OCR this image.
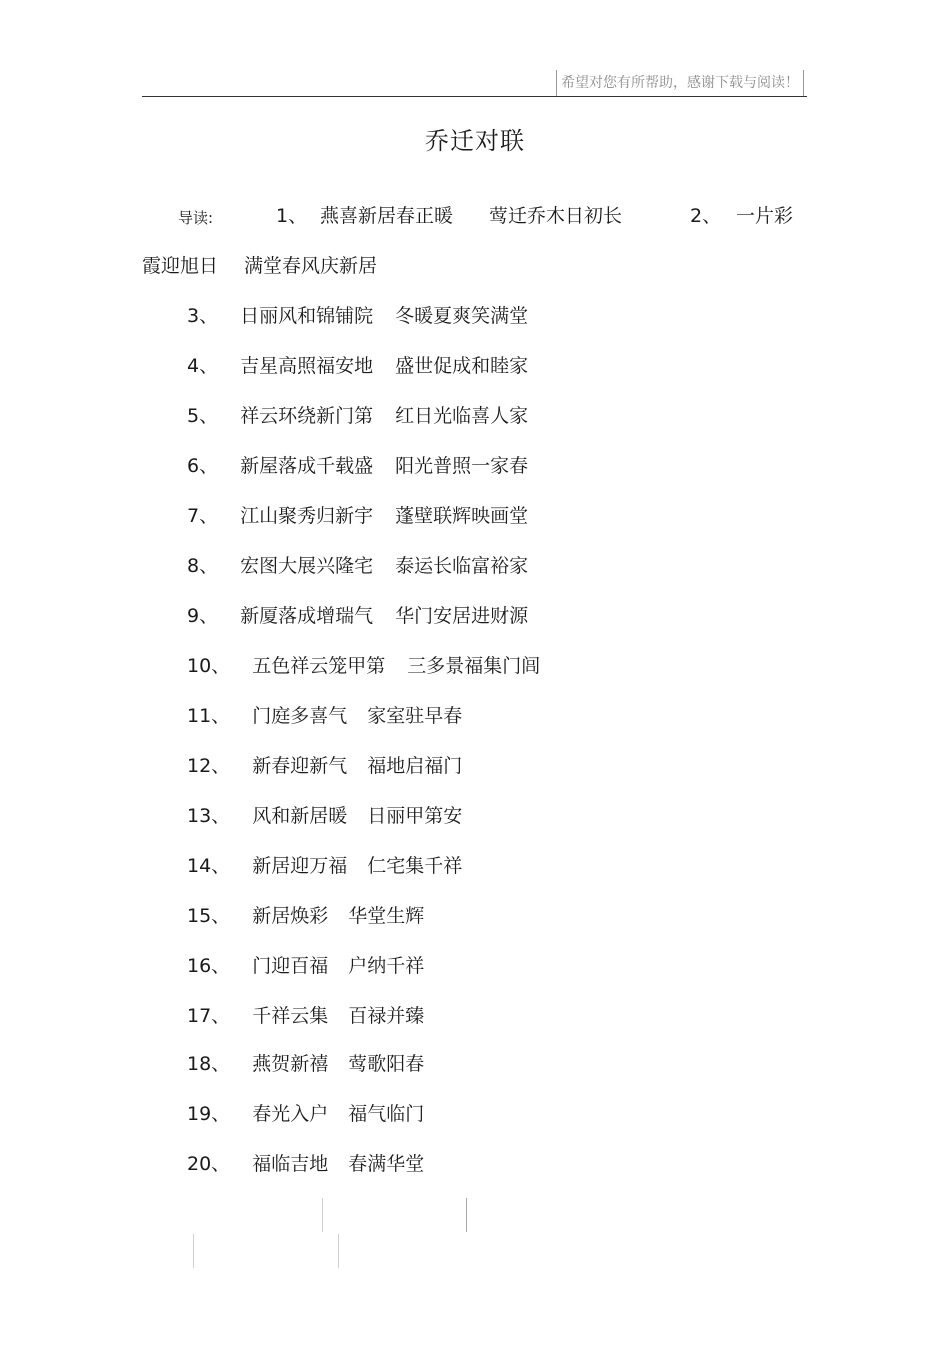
希望对您有所帮助，感谢下载与阅读！
乔迁对联
导读:	1、 燕喜新居春正暖 莺迁乔木日初长	2、 一片彩
霞迎旭日 满堂春风庆新居
3、 日丽风和锦铺院 冬暖夏爽笑满堂
4、 吉星高照福安地 盛世促成和睦家
5、 祥云环绕新门第 红日光临喜人家
6、 新屋落成千载盛 阳光普照一家春
7、 江山聚秀归新宇 蓬壁联辉映画堂
8、 宏图大展兴隆宅 泰运长临富裕家
9、 新厦落成增瑞气 华门安居进财源
10、 五色祥云笼甲第 三多景福集门闾
11、 门庭多喜气 家室驻早春
12、 新春迎新气 福地启福门
13、 风和新居暖 日丽甲第安
14、 新居迎万福 仁宅集千祥
15、 新居焕彩 华堂生辉
16、 门迎百福 户纳千祥
17、 千祥云集 百禄并臻
18、 燕贺新禧 莺歌阳春
19、 春光入户 福气临门
20、 福临吉地 春满华堂
